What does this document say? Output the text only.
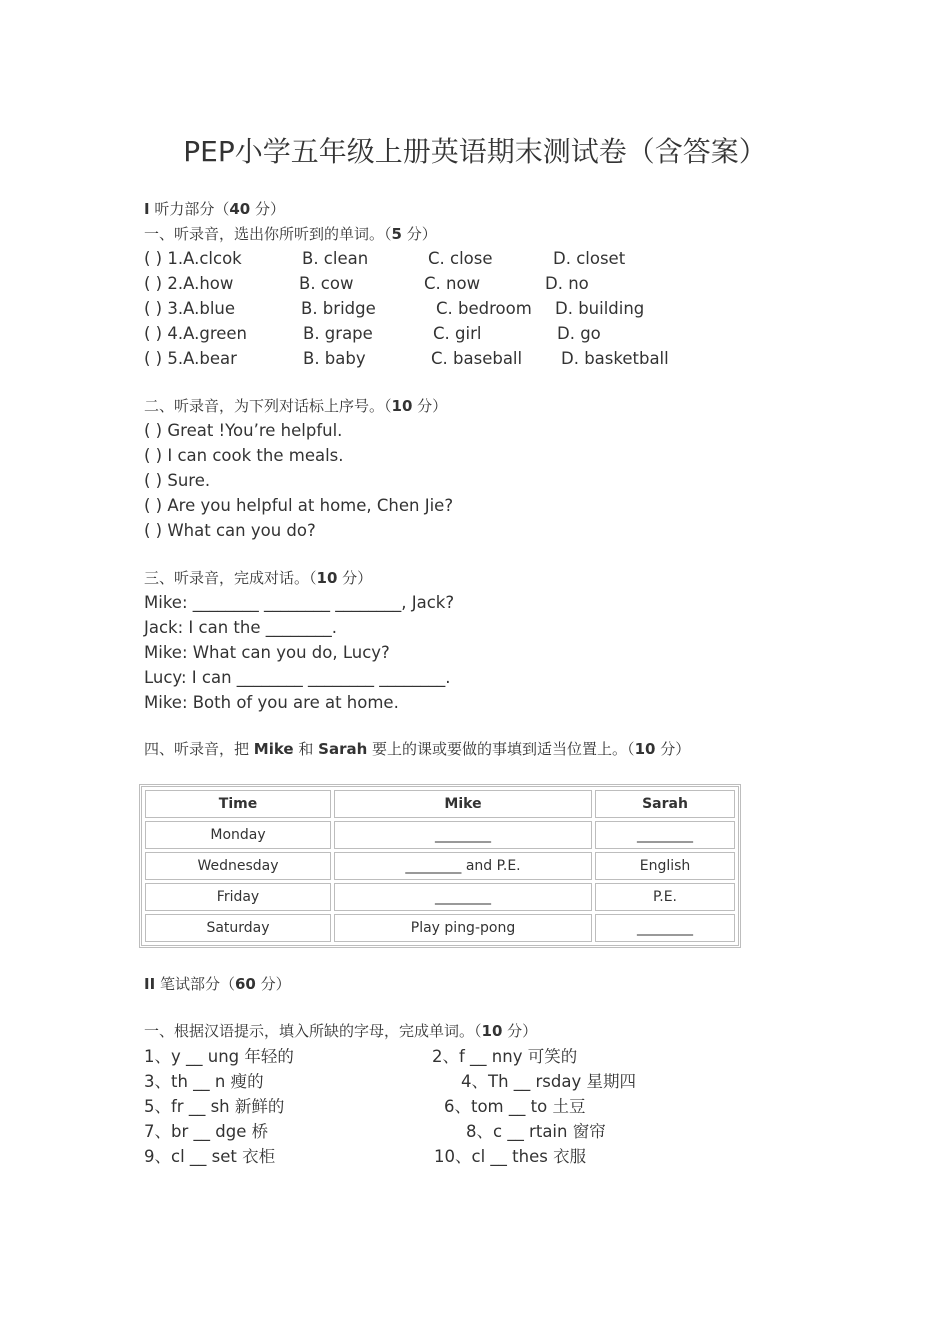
PEP小学五年级上册英语期末测试卷（含答案）
I 听力部分（40 分）
一、听录音，选出你所听到的单词。（5 分）
( ) 1.A.clcok	B. clean	C. close	D. closet
( ) 2.A.how	B. cow	C. now	D. no
( ) 3.A.blue	B. bridge	C. bedroom D. building
( ) 4.A.green	B. grape	C. girl	D. go
( ) 5.A.bear	B. baby	C. baseball D. basketball
二、听录音，为下列对话标上序号。（10 分）
( ) Great !You’re helpful.
( ) I can cook the meals.
( ) Sure.
( ) Are you helpful at home, Chen Jie?
( ) What can you do?
三、听录音，完成对话。（10 分）
Mike: ________ ________ ________, Jack?
Jack: I can the ________.
Mike: What can you do, Lucy?
Lucy: I can ________ ________ ________.
Mike: Both of you are at home.
四、听录音，把 Mike 和 Sarah 要上的课或要做的事填到适当位置上。（10 分）
Time	Mike	Sarah
Monday	________	________
Wednesday	________ and P.E.	English
Friday	________	P.E.
Saturday	Play ping-pong	________
II 笔试部分（60 分）
一、根据汉语提示，填入所缺的字母，完成单词。（10 分）
1、y __ ung 年轻的	2、f __ nny 可笑的
3、th __ n 瘦的	4、Th __ rsday 星期四
5、fr __ sh 新鲜的	6、tom __ to 土豆
7、br __ dge 桥	8、c __ rtain 窗帘
9、cl __ set 衣柜	10、cl __ thes 衣服
